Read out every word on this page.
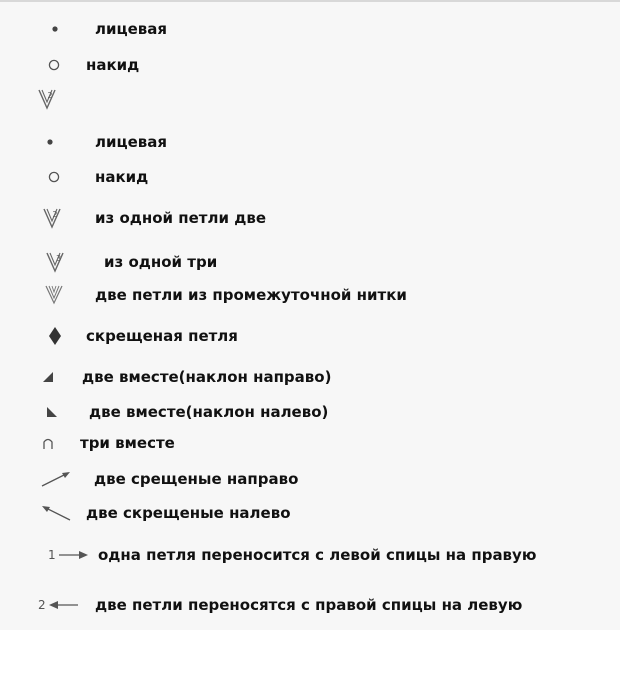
лицевая
накид
2
лицевая
накид
2 из одной петли две
3	из одной три
две петли из промежуточной нитки
скрещеная петля
две вместе(наклон направо)
две вместе(наклон налево)
три вместе
две срещеные направо
две скрещеные налево
1	одна петля переносится с левой спицы на правую
2	две петли переносятся с правой спицы на левую
